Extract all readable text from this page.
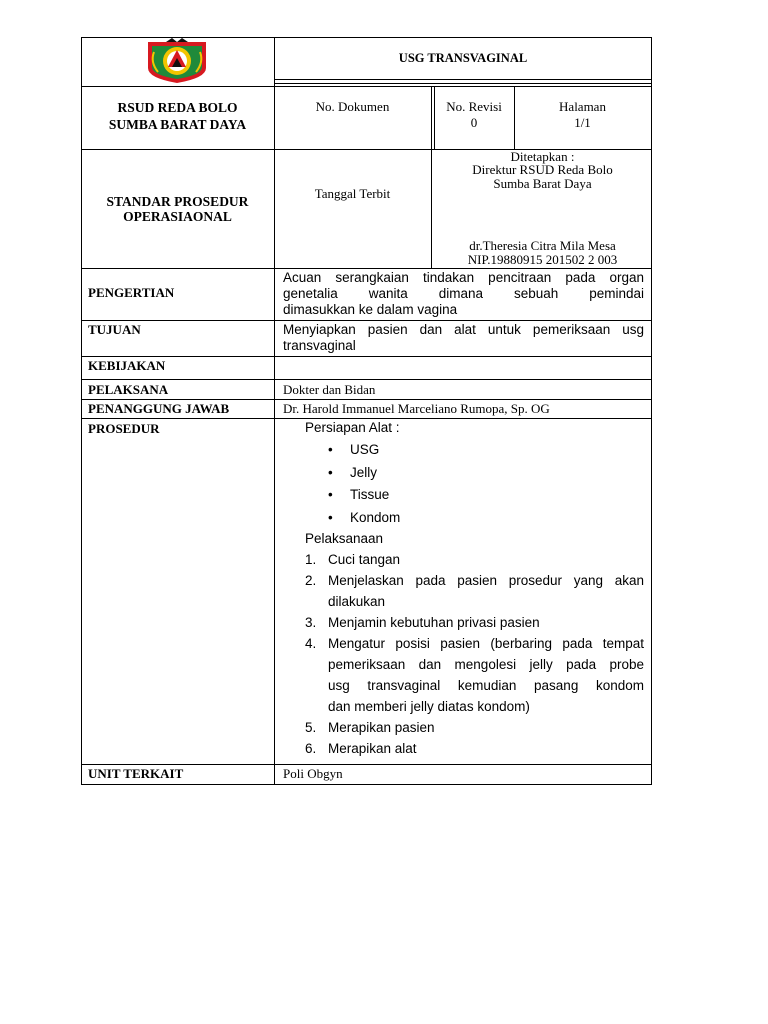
USG TRANSVAGINAL
RSUD REDA BOLO
SUMBA BARAT DAYA
No. Dokumen	No. Revisi
0
Halaman
1/1
STANDAR PROSEDUR
OPERASIAONAL
Tanggal Terbit
Ditetapkan :
Direktur RSUD Reda Bolo
Sumba Barat Daya
dr.Theresia Citra Mila Mesa
NIP.19880915 201502 2 003
PENGERTIAN
TUJUAN
KEBIJAKAN
PELAKSANA
PENANGGUNG JAWAB
PROSEDUR
UNIT TERKAIT
Acuan serangkaian tindakan pencitraan pada organ
genetalia wanita dimana sebuah pemindai
dimasukkan ke dalam vagina
Menyiapkan pasien dan alat untuk pemeriksaan usg
transvaginal
Dokter dan Bidan
Dr. Harold Immanuel Marceliano Rumopa, Sp. OG
Poli Obgyn
Persiapan Alat :
• USG
• Jelly
• Tissue
• Kondom
Pelaksanaan
1. Cuci tangan
2. Menjelaskan pada pasien prosedur yang akan
dilakukan
3. Menjamin kebutuhan privasi pasien
4. Mengatur posisi pasien (berbaring pada tempat
pemeriksaan dan mengolesi jelly pada probe
usg transvaginal kemudian pasang kondom
dan memberi jelly diatas kondom)
5. Merapikan pasien
6. Merapikan alat
